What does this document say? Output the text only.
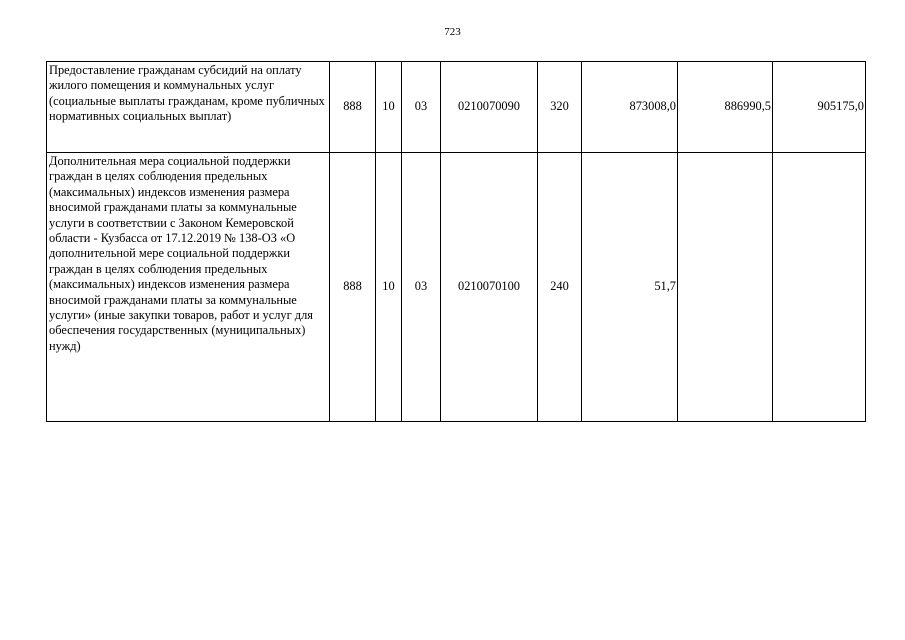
723
Предоставление гражданам субсидий на оплату жилого помещения и коммунальных услуг (социальные выплаты гражданам, кроме публичных нормативных социальных выплат)	888	10	03	0210070090	320	873008,0	886990,5	905175,0
Дополнительная мера социальной поддержки граждан в целях соблюдения предельных (максимальных) индексов изменения размера вносимой гражданами платы за коммунальные услуги в соответствии с Законом Кемеровской области - Кузбасса от 17.12.2019 № 138-ОЗ «О дополнительной мере социальной поддержки граждан в целях соблюдения предельных (максимальных) индексов изменения размера вносимой гражданами платы за коммунальные услуги» (иные закупки товаров, работ и услуг для обеспечения государственных (муниципальных) нужд)	888	10	03	0210070100	240	51,7		
